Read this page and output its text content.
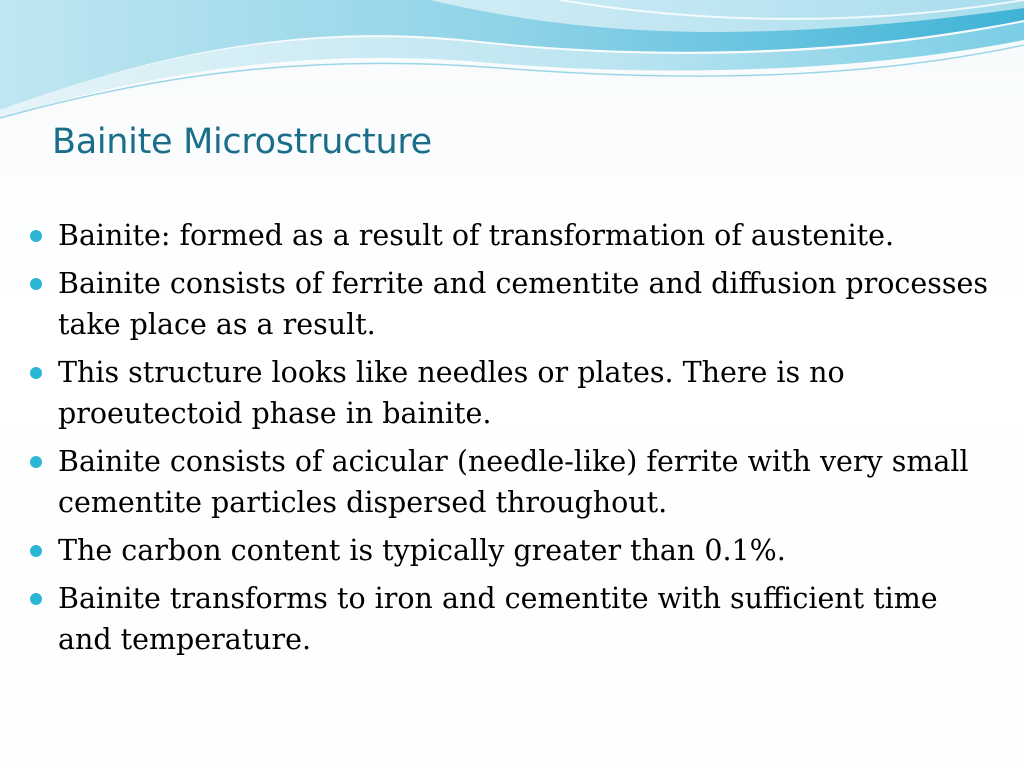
Bainite Microstructure
Bainite: formed as a result of transformation of austenite.
Bainite consists of ferrite and cementite and diffusion processes take place as a result.
This structure looks like needles or plates. There is no proeutectoid phase in bainite.
Bainite consists of acicular (needle-like) ferrite with very small cementite particles dispersed throughout.
The carbon content is typically greater than 0.1%.
Bainite transforms to iron and cementite with sufficient time and temperature.
